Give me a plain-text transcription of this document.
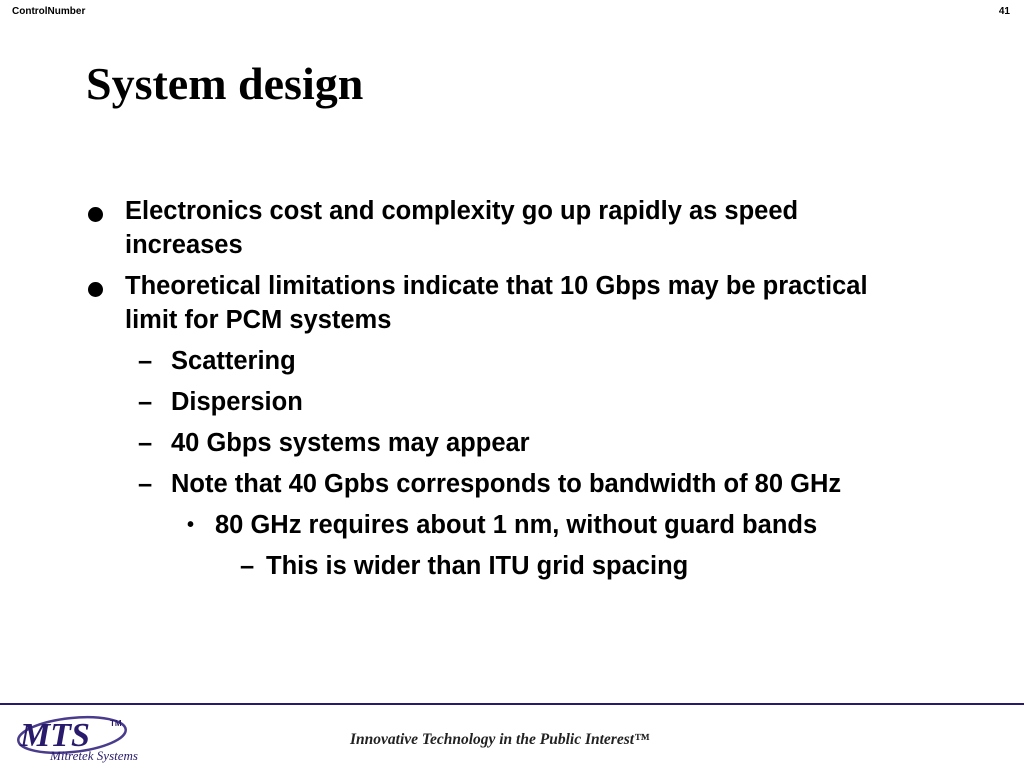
ControlNumber	41
System design
Electronics cost and complexity go up rapidly as speed increases
Theoretical limitations indicate that 10 Gbps may be practical limit for PCM systems
– Scattering
– Dispersion
– 40 Gbps systems may appear
– Note that 40 Gpbs corresponds to bandwidth of 80 GHz
• 80 GHz requires about 1 nm, without guard bands
– This is wider than ITU grid spacing
MTS	TM
Mitretek Systems
Innovative Technology in the Public Interest™
